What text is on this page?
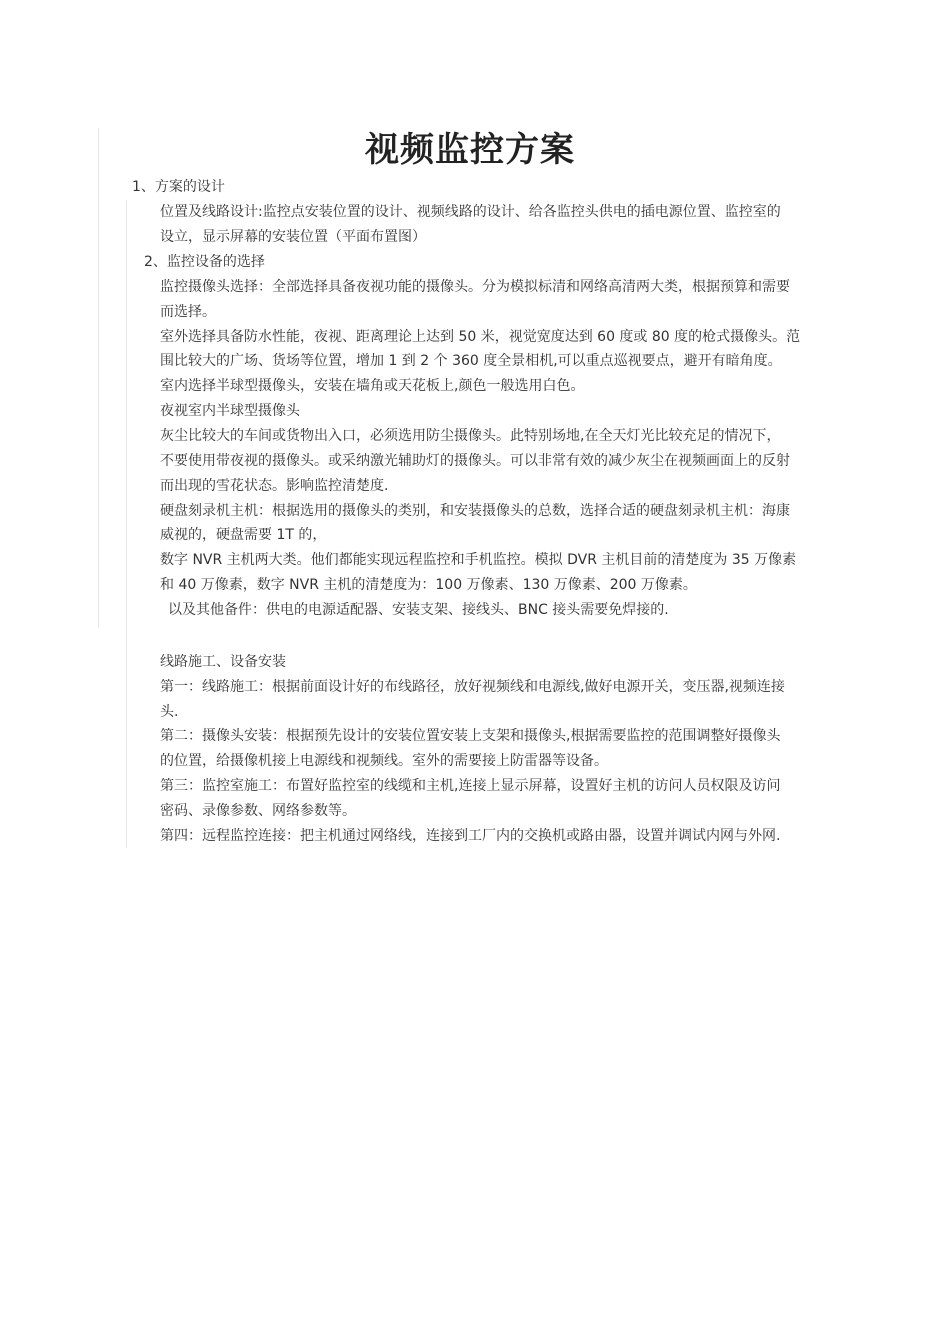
视频监控方案
1、方案的设计
位置及线路设计:监控点安装位置的设计、视频线路的设计、给各监控头供电的插电源位置、监控室的
设立，显示屏幕的安装位置（平面布置图）
2、监控设备的选择
监控摄像头选择：全部选择具备夜视功能的摄像头。分为模拟标清和网络高清两大类，根据预算和需要
而选择。
室外选择具备防水性能，夜视、距离理论上达到 50 米，视觉宽度达到 60 度或 80 度的枪式摄像头。范
围比较大的广场、货场等位置，增加 1 到 2 个 360 度全景相机,可以重点巡视要点，避开有暗角度。
室内选择半球型摄像头，安装在墙角或天花板上,颜色一般选用白色。
夜视室内半球型摄像头
灰尘比较大的车间或货物出入口，必须选用防尘摄像头。此特别场地,在全天灯光比较充足的情况下，
不要使用带夜视的摄像头。或采纳激光辅助灯的摄像头。可以非常有效的减少灰尘在视频画面上的反射
而出现的雪花状态。影响监控清楚度.
硬盘刻录机主机：根据选用的摄像头的类别，和安装摄像头的总数，选择合适的硬盘刻录机主机：海康
威视的，硬盘需要 1T 的，
数字 NVR 主机两大类。他们都能实现远程监控和手机监控。模拟 DVR 主机目前的清楚度为 35 万像素
和 40 万像素，数字 NVR 主机的清楚度为：100 万像素、130 万像素、200 万像素。
以及其他备件：供电的电源适配器、安装支架、接线头、BNC 接头需要免焊接的.
线路施工、设备安装
第一：线路施工：根据前面设计好的布线路径，放好视频线和电源线,做好电源开关，变压器,视频连接
头.
第二：摄像头安装：根据预先设计的安装位置安装上支架和摄像头,根据需要监控的范围调整好摄像头
的位置，给摄像机接上电源线和视频线。室外的需要接上防雷器等设备。
第三：监控室施工：布置好监控室的线缆和主机,连接上显示屏幕，设置好主机的访问人员权限及访问
密码、录像参数、网络参数等。
第四：远程监控连接：把主机通过网络线，连接到工厂内的交换机或路由器，设置并调试内网与外网.
